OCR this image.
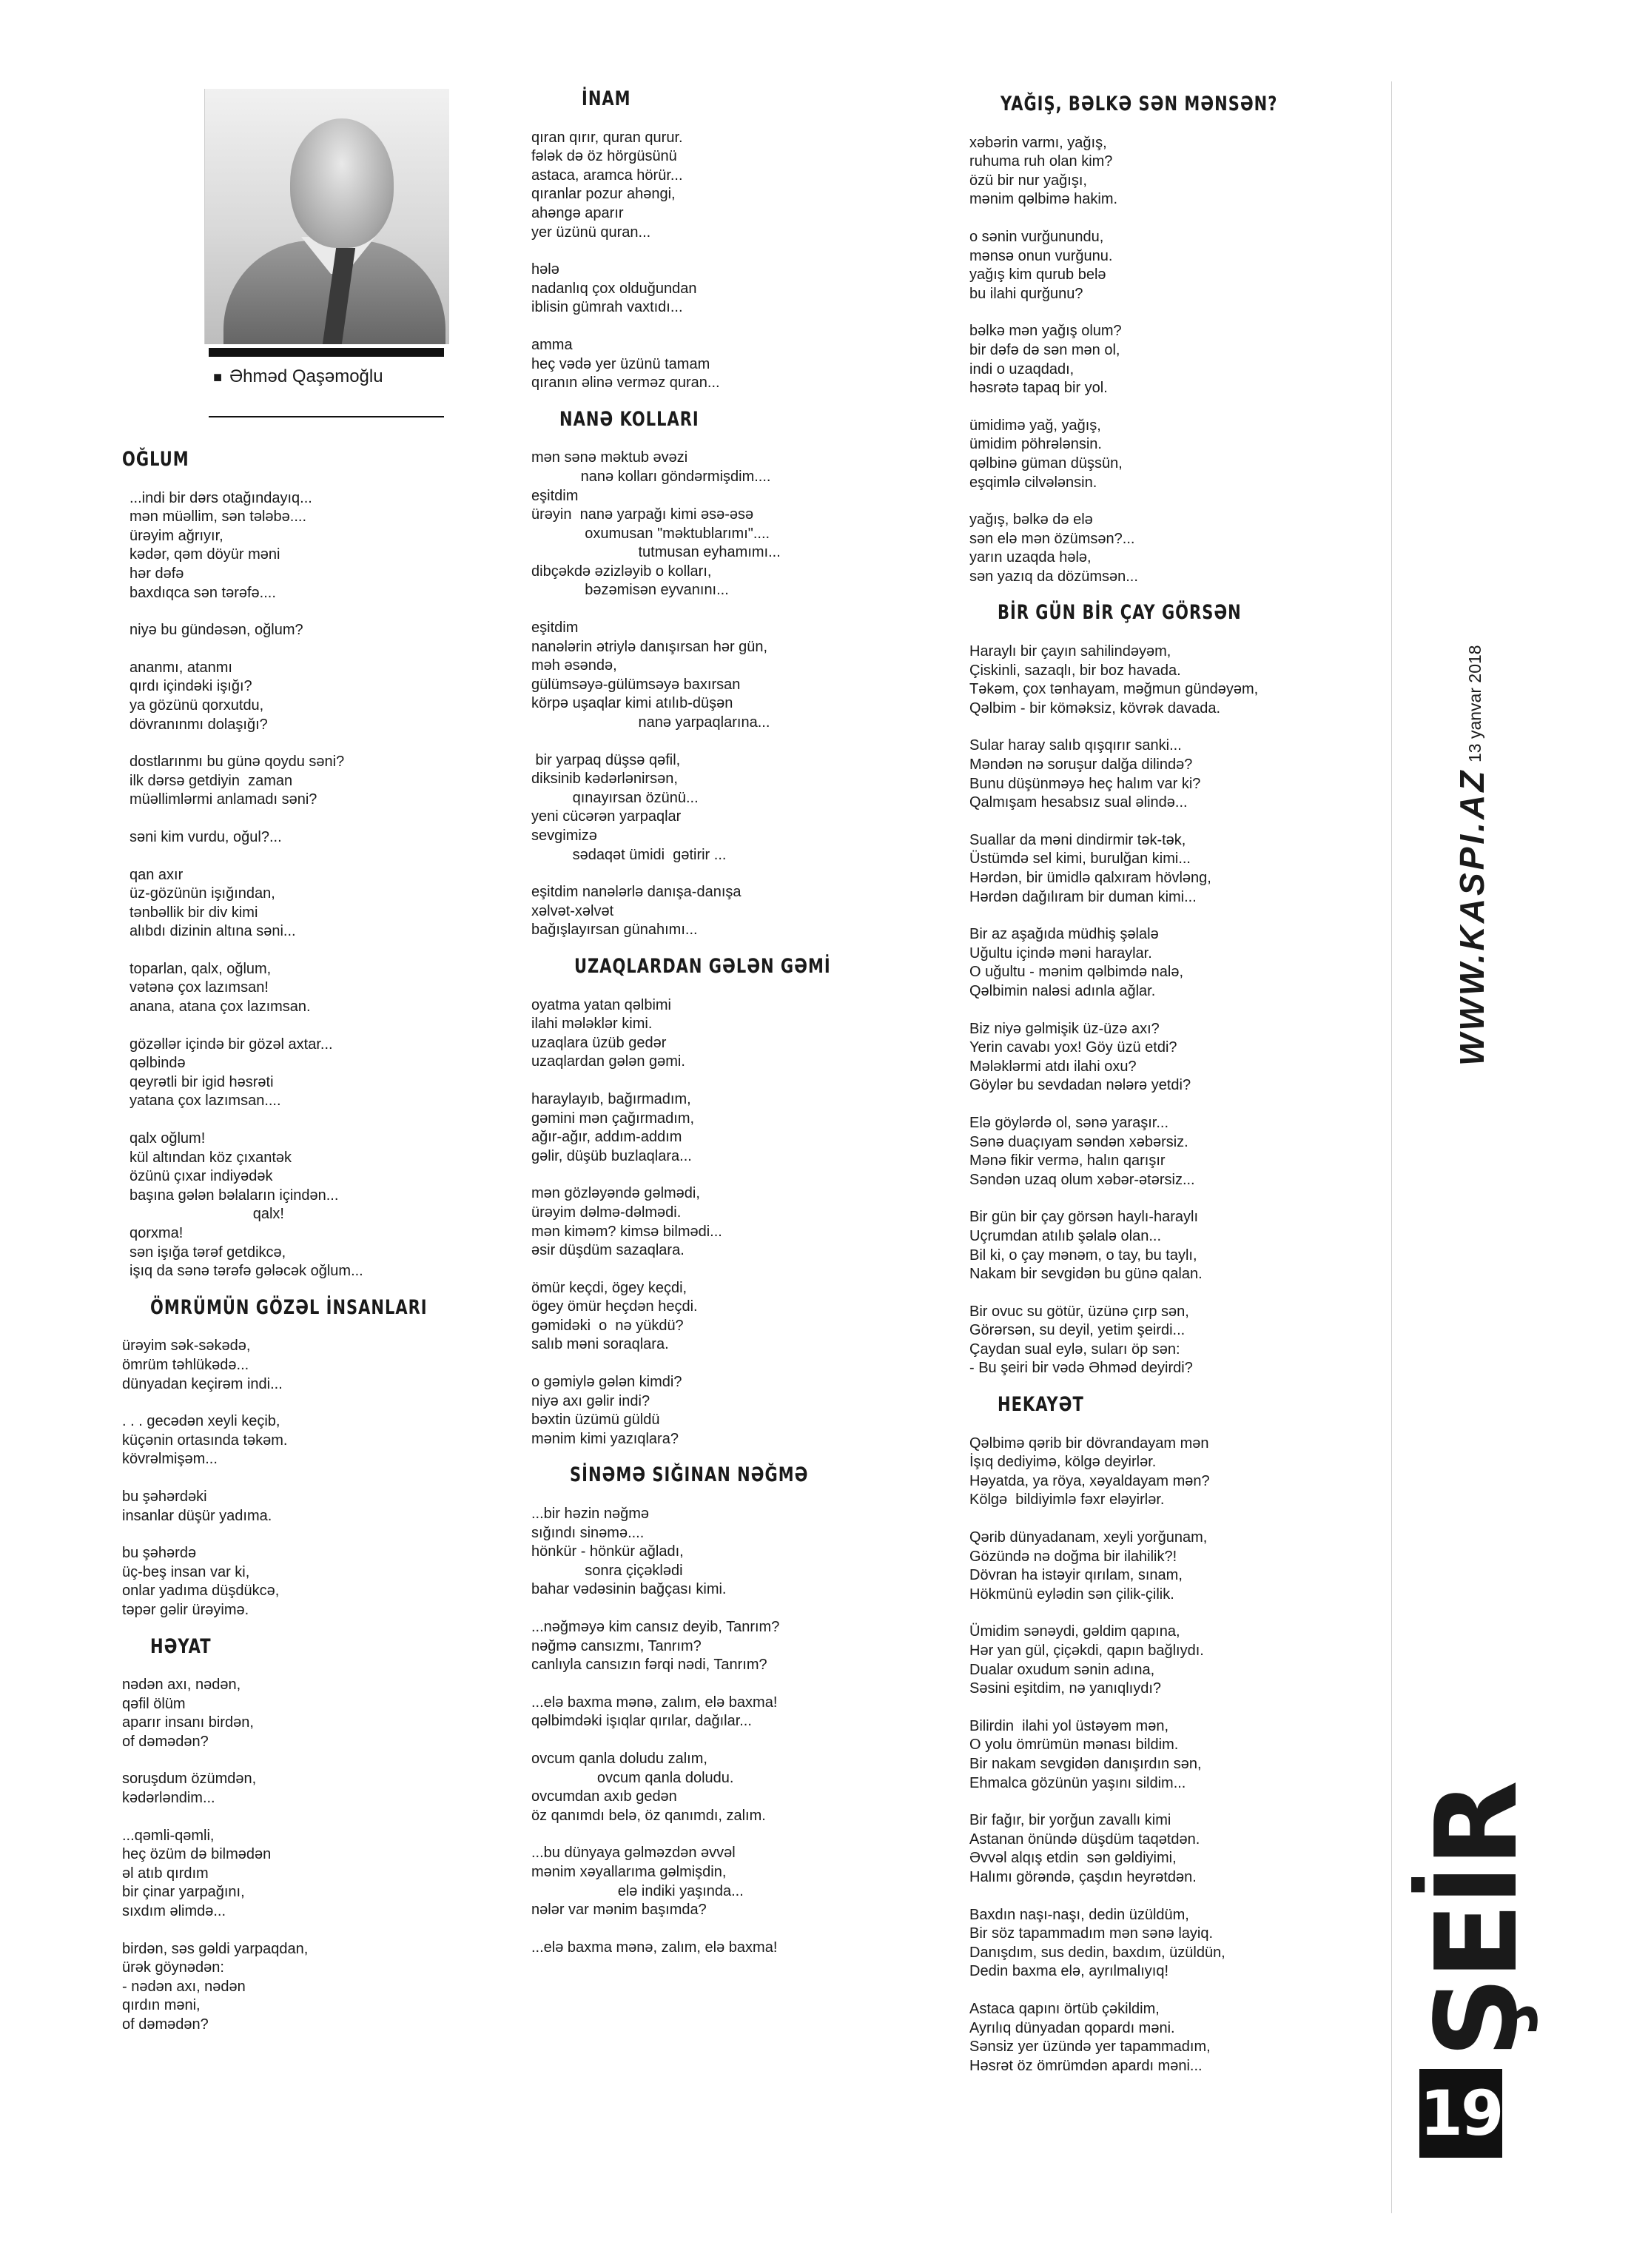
■ Əhməd Qaşəmoğlu
OĞLUM
...indi bir dərs otağındayıq...
mən müəllim, sən tələbə....
ürəyim ağrıyır,
kədər, qəm döyür məni
hər dəfə
baxdıqca sən tərəfə....
niyə bu gündəsən, oğlum?
ananmı, atanmı
qırdı içindəki işığı?
ya gözünü qorxutdu,
dövranınmı dolaşığı?
dostlarınmı bu günə qoydu səni?
ilk dərsə getdiyin  zaman
müəllimlərmi anlamadı səni?
səni kim vurdu, oğul?...
qan axır
üz-gözünün işığından,
tənbəllik bir div kimi
alıbdı dizinin altına səni...
toparlan, qalx, oğlum,
vətənə çox lazımsan!
anana, atana çox lazımsan.
gözəllər içində bir gözəl axtar...
qəlbində
qeyrətli bir igid həsrəti
yatana çox lazımsan....
qalx oğlum!
kül altından köz çıxantək
özünü çıxar indiyədək
başına gələn bəlaların içindən...
qalx!
qorxma!
sən işığa tərəf getdikcə,
işıq da sənə tərəfə gələcək oğlum...
ÖMRÜMÜN GÖZƏL İNSANLARI
ürəyim sək-səkədə,
ömrüm təhlükədə...
dünyadan keçirəm indi...
. . . gecədən xeyli keçib,
küçənin ortasında təkəm.
kövrəlmişəm...
bu şəhərdəki
insanlar düşür yadıma.
bu şəhərdə
üç-beş insan var ki,
onlar yadıma düşdükcə,
təpər gəlir ürəyimə.
HƏYAT
nədən axı, nədən,
qəfil ölüm
aparır insanı birdən,
of dəmədən?
soruşdum özümdən,
kədərləndim...
...qəmli-qəmli,
heç özüm də bilmədən
əl atıb qırdım
bir çinar yarpağını,
sıxdım əlimdə...
birdən, səs gəldi yarpaqdan,
ürək göynədən:
- nədən axı, nədən
qırdın məni,
of dəmədən?
İNAM
qıran qırır, quran qurur.
fələk də öz hörgüsünü
astaca, aramca hörür...
qıranlar pozur ahəngi,
ahəngə aparır
yer üzünü quran...
hələ
nadanlıq çox olduğundan
iblisin gümrah vaxtıdı...
amma
heç vədə yer üzünü tamam
qıranın əlinə verməz quran...
NANƏ KOLLARI
mən sənə məktub əvəzi
nanə kolları göndərmişdim....
eşitdim
ürəyin  nanə yarpağı kimi əsə-əsə
oxumusan "məktublarımı"....
tutmusan eyhamımı...
dibçəkdə əzizləyib o kolları,
bəzəmisən eyvanını...
eşitdim
nanələrin ətriylə danışırsan hər gün,
məh əsəndə,
gülümsəyə-gülümsəyə baxırsan
körpə uşaqlar kimi atılıb-düşən
nanə yarpaqlarına...
bir yarpaq düşsə qəfil,
diksinib kədərlənirsən,
qınayırsan özünü...
yeni cücərən yarpaqlar
sevgimizə
sədaqət ümidi  gətirir ...
eşitdim nanələrlə danışa-danışa
xəlvət-xəlvət
bağışlayırsan günahımı...
UZAQLARDAN GƏLƏN GƏMİ
oyatma yatan qəlbimi
ilahi mələklər kimi.
uzaqlara üzüb gedər
uzaqlardan gələn gəmi.
haraylayıb, bağırmadım,
gəmini mən çağırmadım,
ağır-ağır, addım-addım
gəlir, düşüb buzlaqlara...
mən gözləyəndə gəlmədi,
ürəyim dəlmə-dəlmədi.
mən kiməm? kimsə bilmədi...
əsir düşdüm sazaqlara.
ömür keçdi, ögey keçdi,
ögey ömür heçdən heçdi.
gəmidəki  o  nə yükdü?
salıb məni soraqlara.
o gəmiylə gələn kimdi?
niyə axı gəlir indi?
bəxtin üzümü güldü
mənim kimi yazıqlara?
SİNƏMƏ SIĞINAN NƏĞMƏ
...bir həzin nəğmə
sığındı sinəmə....
hönkür - hönkür ağladı,
sonra çiçəklədi
bahar vədəsinin bağçası kimi.
...nəğməyə kim cansız deyib, Tanrım?
nəğmə cansızmı, Tanrım?
canlıyla cansızın fərqi nədi, Tanrım?
...elə baxma mənə, zalım, elə baxma!
qəlbimdəki işıqlar qırılar, dağılar...
ovcum qanla doludu zalım,
ovcum qanla doludu.
ovcumdan axıb gedən
öz qanımdı belə, öz qanımdı, zalım.
...bu dünyaya gəlməzdən əvvəl
mənim xəyallarıma gəlmişdin,
elə indiki yaşında...
nələr var mənim başımda?
...elə baxma mənə, zalım, elə baxma!
YAĞIŞ, BƏLKƏ SƏN MƏNSƏN?
xəbərin varmı, yağış,
ruhuma ruh olan kim?
özü bir nur yağışı,
mənim qəlbimə hakim.
o sənin vurğunundu,
mənsə onun vurğunu.
yağış kim qurub belə
bu ilahi qurğunu?
bəlkə mən yağış olum?
bir dəfə də sən mən ol,
indi o uzaqdadı,
həsrətə tapaq bir yol.
ümidimə yağ, yağış,
ümidim pöhrələnsin.
qəlbinə güman düşsün,
eşqimlə cilvələnsin.
yağış, bəlkə də elə
sən elə mən özümsən?...
yarın uzaqda hələ,
sən yazıq da dözümsən...
BİR GÜN BİR ÇAY GÖRSƏN
Haraylı bir çayın sahilindəyəm,
Çiskinli, sazaqlı, bir boz havada.
Təkəm, çox tənhayam, məğmun gündəyəm,
Qəlbim - bir köməksiz, kövrək davada.
Sular haray salıb qışqırır sanki...
Məndən nə soruşur dalğa dilində?
Bunu düşünməyə heç halım var ki?
Qalmışam hesabsız sual əlində...
Suallar da məni dindirmir tək-tək,
Üstümdə sel kimi, burulğan kimi...
Hərdən, bir ümidlə qalxıram hövləng,
Hərdən dağılıram bir duman kimi...
Bir az aşağıda müdhiş şəlalə
Uğultu içində məni haraylar.
O uğultu - mənim qəlbimdə nalə,
Qəlbimin naləsi adınla ağlar.
Biz niyə gəlmişik üz-üzə axı?
Yerin cavabı yox! Göy üzü etdi?
Mələklərmi atdı ilahi oxu?
Göylər bu sevdadan nələrə yetdi?
Elə göylərdə ol, sənə yaraşır...
Sənə duaçıyam səndən xəbərsiz.
Mənə fikir vermə, halın qarışır
Səndən uzaq olum xəbər-ətərsiz...
Bir gün bir çay görsən haylı-haraylı
Uçrumdan atılıb şəlalə olan...
Bil ki, o çay mənəm, o tay, bu taylı,
Nakam bir sevgidən bu günə qalan.
Bir ovuc su götür, üzünə çırp sən,
Görərsən, su deyil, yetim şeirdi...
Çaydan sual eylə, suları öp sən:
- Bu şeiri bir vədə Əhməd deyirdi?
HEKAYƏT
Qəlbimə qərib bir dövrandayam mən
İşıq dediyimə, kölgə deyirlər.
Həyatda, ya röya, xəyaldayam mən?
Kölgə  bildiyimlə fəxr eləyirlər.
Qərib dünyadanam, xeyli yorğunam,
Gözündə nə doğma bir ilahilik?!
Dövran ha istəyir qırılam, sınam,
Hökmünü eylədin sən çilik-çilik.
Ümidim sənəydi, gəldim qapına,
Hər yan gül, çiçəkdi, qapın bağlıydı.
Dualar oxudum sənin adına,
Səsini eşitdim, nə yanıqlıydı?
Bilirdin  ilahi yol üstəyəm mən,
O yolu ömrümün mənası bildim.
Bir nakam sevgidən danışırdın sən,
Ehmalca gözünün yaşını sildim...
Bir fağır, bir yorğun zavallı kimi
Astanan önündə düşdüm taqətdən.
Əvvəl alqış etdin  sən gəldiyimi,
Halımı görəndə, çaşdın heyrətdən.
Baxdın naşı-naşı, dedin üzüldüm,
Bir söz tapammadım mən sənə layiq.
Danışdım, sus dedin, baxdım, üzüldün,
Dedin baxma elə, ayrılmalıyıq!
Astaca qapını örtüb çəkildim,
Ayrılıq dünyadan qopardı məni.
Sənsiz yer üzündə yer tapammadım,
Həsrət öz ömrümdən apardı məni...
13 yanvar 2018
WWW.KASPI.AZ
ŞEİR
19
